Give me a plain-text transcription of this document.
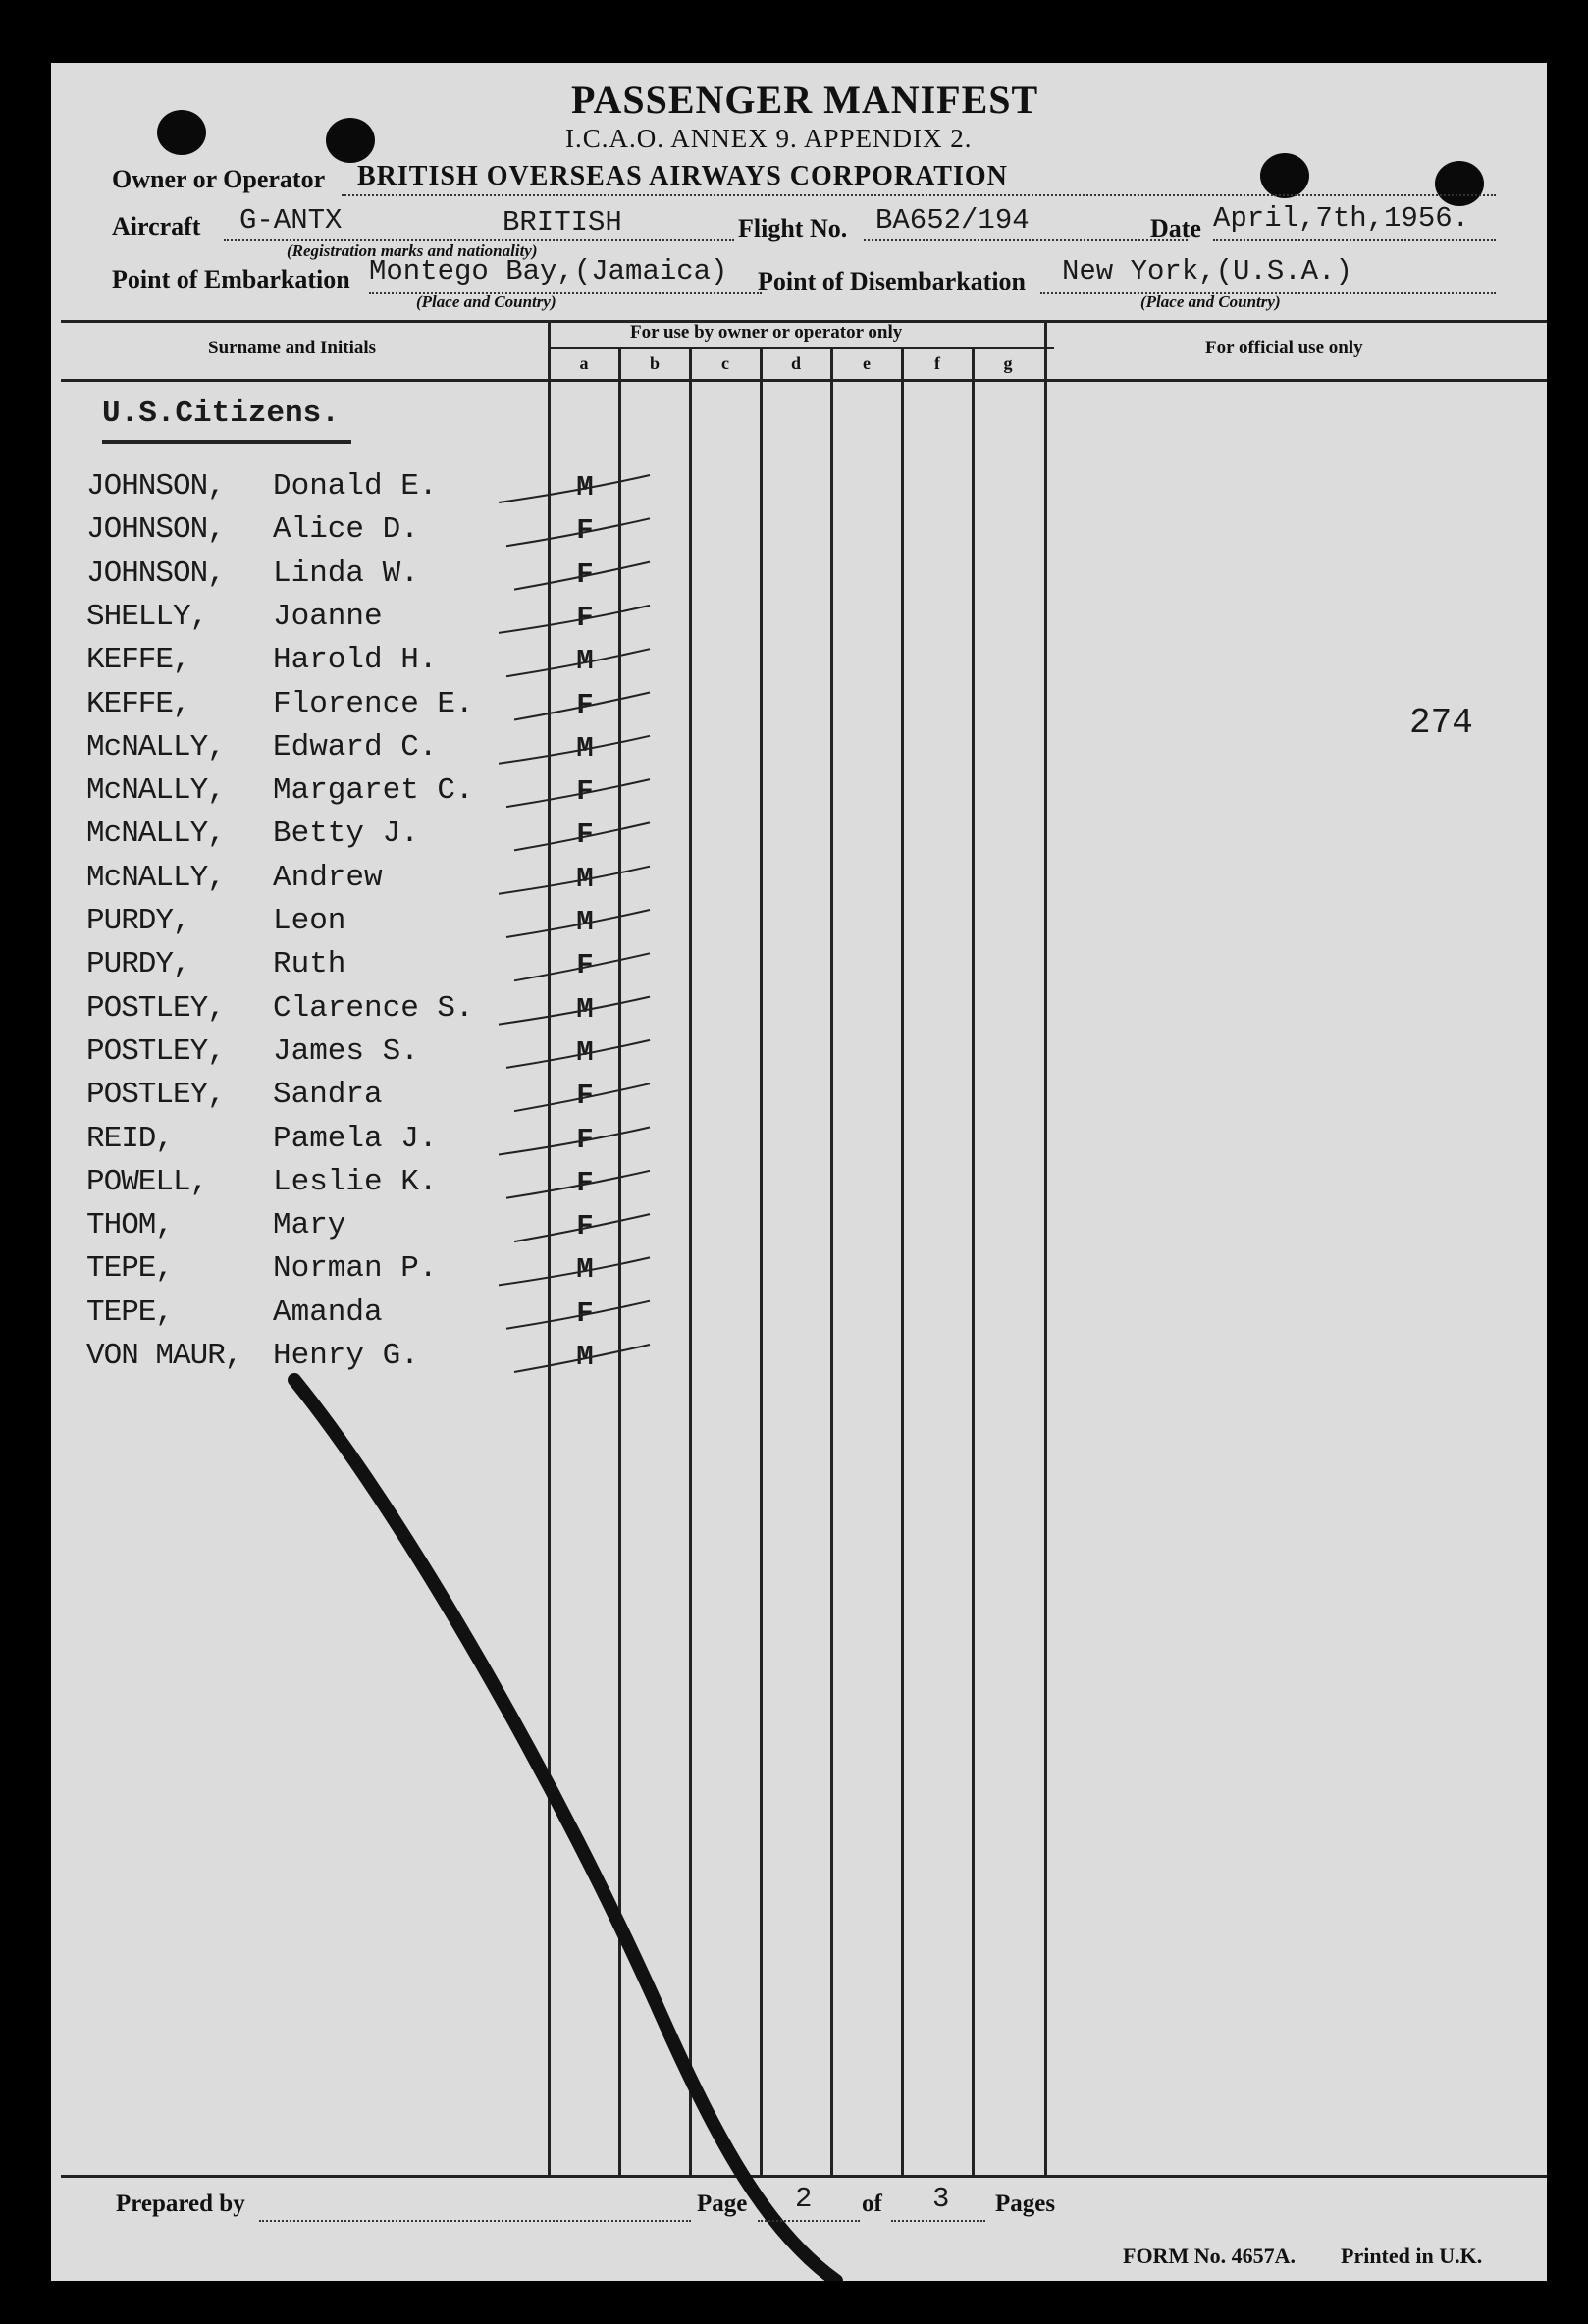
PASSENGER MANIFEST
I.C.A.O. ANNEX 9. APPENDIX 2.
Owner or Operator BRITISH OVERSEAS AIRWAYS CORPORATION
Aircraft G-ANTX	BRITISH
(Registration marks and nationality)
Flight No. BA652/194	Date April,7th,1956.
Point of Embarkation Montego Bay,(Jamaica)
(Place and Country)
Point of Disembarkation New York,(U.S.A.)
(Place and Country)
Surname and Initials
For use by owner or operator only
For official use only
a	b	c	d	e	f	g
U.S.Citizens.
274
JOHNSON, Donald E.	M
JOHNSON, Alice D.	F
JOHNSON, Linda W.	F
SHELLY, Joanne	F
KEFFE,	Harold H.	M
KEFFE,	Florence E.	F
McNALLY, Edward C.	M
McNALLY, Margaret C.	F
McNALLY, Betty J.	F
McNALLY, Andrew	M
PURDY,	Leon	M
PURDY,	Ruth	F
POSTLEY, Clarence S.	M
POSTLEY, James S.	M
POSTLEY, Sandra	F
REID,	Pamela J.	F
POWELL, Leslie K.	F
THOM,	Mary	F
TEPE,	Norman P.	M
TEPE,	Amanda	F
VON MAUR, Henry G.	M
Prepared by	Page 2 of 3 Pages
FORM No. 4657A. Printed in U.K.
